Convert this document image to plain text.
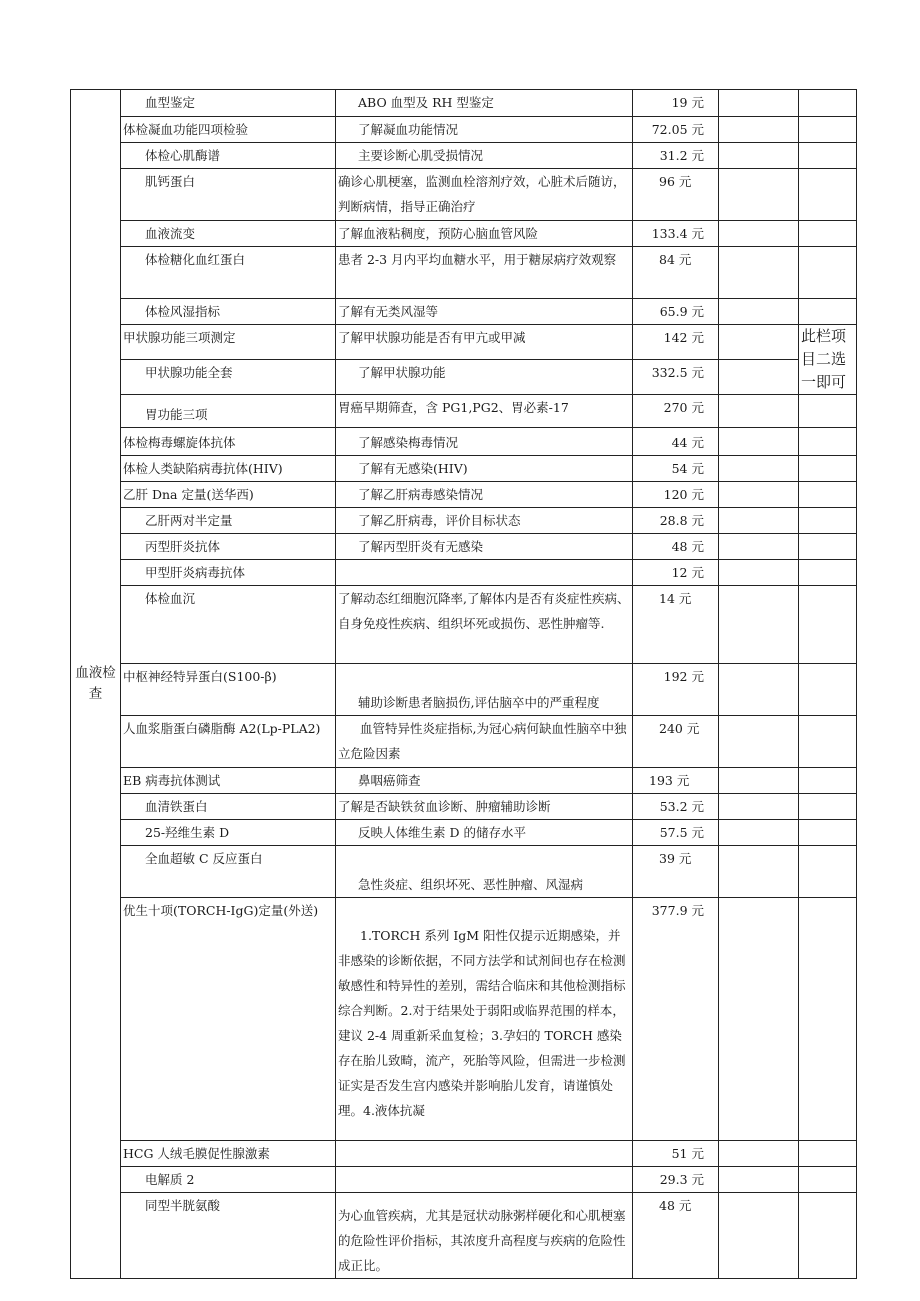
血液检查	血型鉴定	ABO 血型及 RH 型鉴定	19 元		
	体检凝血功能四项检验	了解凝血功能情况	72.05 元		
	体检心肌酶谱	主要诊断心肌受损情况	31.2 元		
	肌钙蛋白	确诊心肌梗塞，监测血栓溶剂疗效，心脏术后随访，判断病情，指导正确治疗	96 元		
	血液流变	了解血液粘稠度，预防心脑血管风险	133.4 元		
	体检糖化血红蛋白	患者 2-3 月内平均血糖水平，用于糖尿病疗效观察	84 元		
	体检风湿指标	了解有无类风湿等	65.9 元		
	甲状腺功能三项测定	了解甲状腺功能是否有甲亢或甲减	142 元		此栏项目二选一即可
	甲状腺功能全套	了解甲状腺功能	332.5 元		
	胃功能三项	胃癌早期筛查，含 PG1,PG2、胃必素-17	270 元		
	体检梅毒螺旋体抗体	了解感染梅毒情况	44 元		
	体检人类缺陷病毒抗体(HIV)	了解有无感染(HIV)	54 元		
	乙肝 Dna 定量(送华西)	了解乙肝病毒感染情况	120 元		
	乙肝两对半定量	了解乙肝病毒，评价目标状态	28.8 元		
	丙型肝炎抗体	了解丙型肝炎有无感染	48 元		
	甲型肝炎病毒抗体		12 元		
	体检血沉	了解动态红细胞沉降率,了解体内是否有炎症性疾病、自身免疫性疾病、组织坏死或损伤、恶性肿瘤等.	14 元		
	中枢神经特异蛋白(S100-β)	辅助诊断患者脑损伤,评估脑卒中的严重程度	192 元		
	人血浆脂蛋白磷脂酶 A2(Lp-PLA2)	血管特异性炎症指标,为冠心病何缺血性脑卒中独立危险因素	240 元		
	EB 病毒抗体测试	鼻咽癌筛查	193 元		
	血清铁蛋白	了解是否缺铁贫血诊断、肿瘤辅助诊断	53.2 元		
	25-羟维生素 D	反映人体维生素 D 的储存水平	57.5 元		
	全血超敏 C 反应蛋白	急性炎症、组织坏死、恶性肿瘤、风湿病	39 元		
	优生十项(TORCH-IgG)定量(外送)	1.TORCH 系列 IgM 阳性仅提示近期感染，并非感染的诊断依据，不同方法学和试剂间也存在检测敏感性和特异性的差别，需结合临床和其他检测指标综合判断。2.对于结果处于弱阳或临界范围的样本，建议 2-4 周重新采血复检；3.孕妇的 TORCH 感染存在胎儿致畸，流产，死胎等风险，但需进一步检测证实是否发生宫内感染并影响胎儿发育，请谨慎处理。4.液体抗凝	377.9 元		
	HCG 人绒毛膜促性腺激素		51 元		
	电解质 2		29.3 元		
	同型半胱氨酸	为心血管疾病，尤其是冠状动脉粥样硬化和心肌梗塞的危险性评价指标，其浓度升高程度与疾病的危险性成正比。	48 元		
